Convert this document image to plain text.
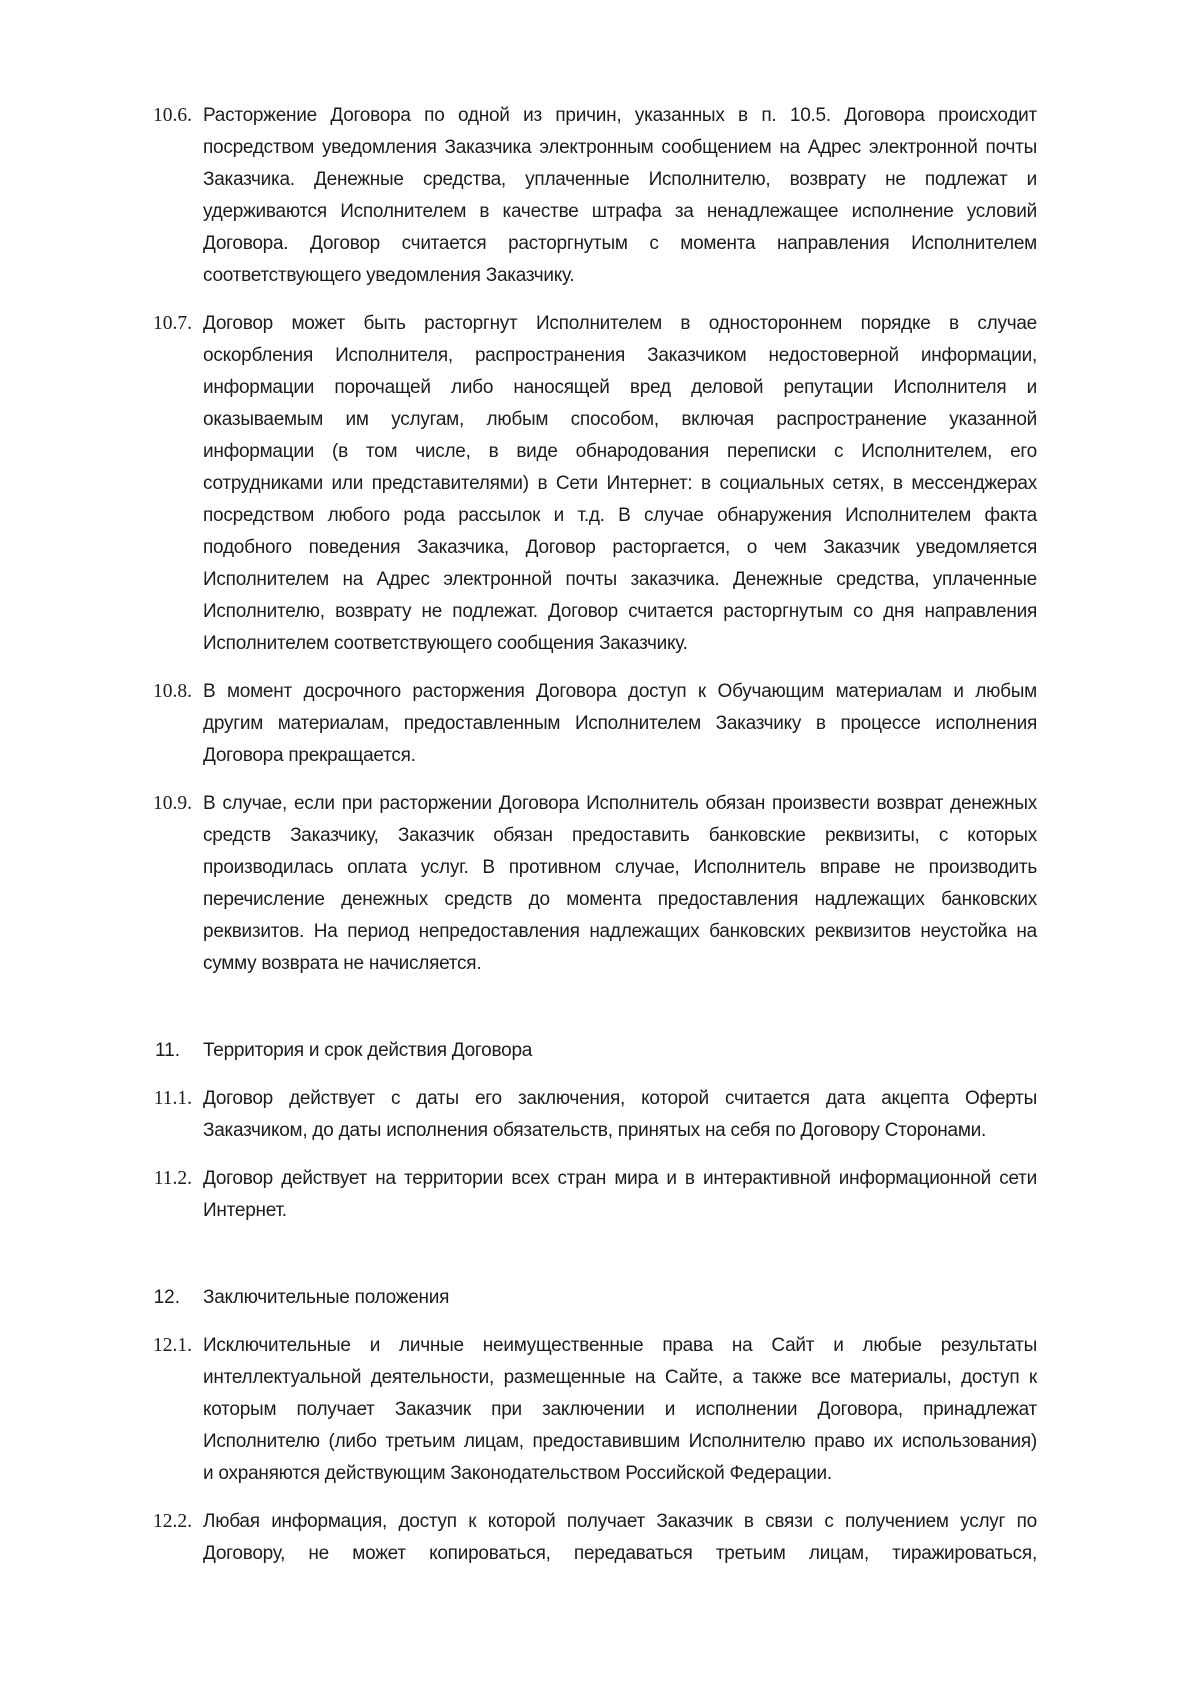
10.6. Расторжение Договора по одной из причин, указанных в п. 10.5. Договора происходит
посредством уведомления Заказчика электронным сообщением на Адрес электронной почты
Заказчика. Денежные средства, уплаченные Исполнителю, возврату не подлежат и
удерживаются Исполнителем в качестве штрафа за ненадлежащее исполнение условий
Договора. Договор считается расторгнутым с момента направления Исполнителем
соответствующего уведомления Заказчику.
10.7. Договор может быть расторгнут Исполнителем в одностороннем порядке в случае
оскорбления Исполнителя, распространения Заказчиком недостоверной информации,
информации порочащей либо наносящей вред деловой репутации Исполнителя и
оказываемым им услугам, любым способом, включая распространение указанной
информации (в том числе, в виде обнародования переписки с Исполнителем, его
сотрудниками или представителями) в Сети Интернет: в социальных сетях, в мессенджерах
посредством любого рода рассылок и т.д. В случае обнаружения Исполнителем факта
подобного поведения Заказчика, Договор расторгается, о чем Заказчик уведомляется
Исполнителем на Адрес электронной почты заказчика. Денежные средства, уплаченные
Исполнителю, возврату не подлежат. Договор считается расторгнутым со дня направления
Исполнителем соответствующего сообщения Заказчику.
10.8. В момент досрочного расторжения Договора доступ к Обучающим материалам и любым
другим материалам, предоставленным Исполнителем Заказчику в процессе исполнения
Договора прекращается.
10.9. В случае, если при расторжении Договора Исполнитель обязан произвести возврат денежных
средств Заказчику, Заказчик обязан предоставить банковские реквизиты, с которых
производилась оплата услуг. В противном случае, Исполнитель вправе не производить
перечисление денежных средств до момента предоставления надлежащих банковских
реквизитов. На период непредоставления надлежащих банковских реквизитов неустойка на
сумму возврата не начисляется.
11. Территория и срок действия Договора
11.1. Договор действует с даты его заключения, которой считается дата акцепта Оферты
Заказчиком, до даты исполнения обязательств, принятых на себя по Договору Сторонами.
11.2. Договор действует на территории всех стран мира и в интерактивной информационной сети
Интернет.
12. Заключительные положения
12.1. Исключительные и личные неимущественные права на Сайт и любые результаты
интеллектуальной деятельности, размещенные на Сайте, а также все материалы, доступ к
которым получает Заказчик при заключении и исполнении Договора, принадлежат
Исполнителю (либо третьим лицам, предоставившим Исполнителю право их использования)
и охраняются действующим Законодательством Российской Федерации.
12.2. Любая информация, доступ к которой получает Заказчик в связи с получением услуг по
Договору, не может копироваться, передаваться третьим лицам, тиражироваться,
